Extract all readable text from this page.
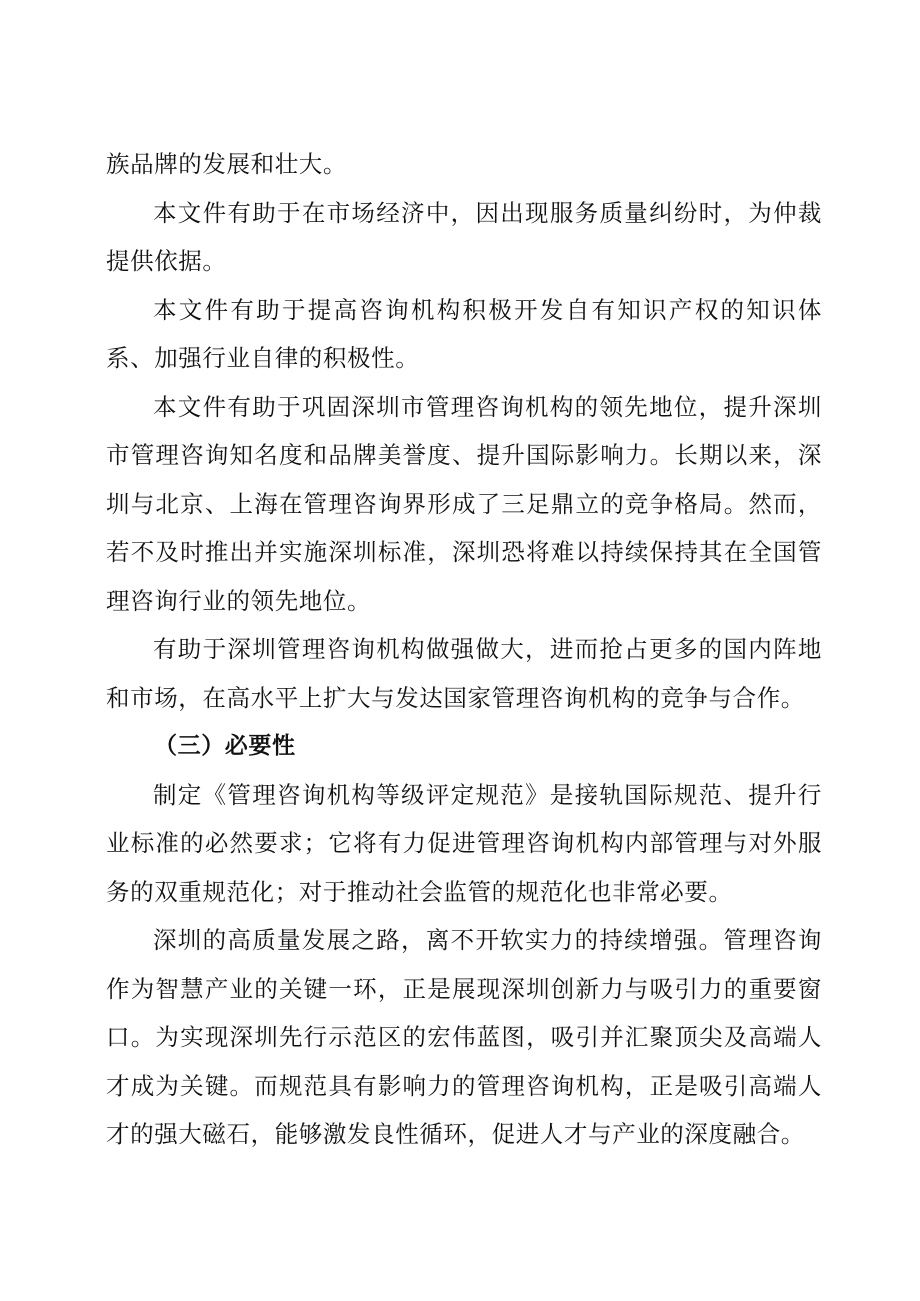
族品牌的发展和壮大。

本文件有助于在市场经济中，因出现服务质量纠纷时，为仲裁提供依据。

本文件有助于提高咨询机构积极开发自有知识产权的知识体系、加强行业自律的积极性。

本文件有助于巩固深圳市管理咨询机构的领先地位，提升深圳市管理咨询知名度和品牌美誉度、提升国际影响力。长期以来，深圳与北京、上海在管理咨询界形成了三足鼎立的竞争格局。然而，若不及时推出并实施深圳标准，深圳恐将难以持续保持其在全国管理咨询行业的领先地位。

有助于深圳管理咨询机构做强做大，进而抢占更多的国内阵地和市场，在高水平上扩大与发达国家管理咨询机构的竞争与合作。

（三）必要性

制定《管理咨询机构等级评定规范》是接轨国际规范、提升行业标准的必然要求；它将有力促进管理咨询机构内部管理与对外服务的双重规范化；对于推动社会监管的规范化也非常必要。

深圳的高质量发展之路，离不开软实力的持续增强。管理咨询作为智慧产业的关键一环，正是展现深圳创新力与吸引力的重要窗口。为实现深圳先行示范区的宏伟蓝图，吸引并汇聚顶尖及高端人才成为关键。而规范具有影响力的管理咨询机构，正是吸引高端人才的强大磁石，能够激发良性循环，促进人才与产业的深度融合。
